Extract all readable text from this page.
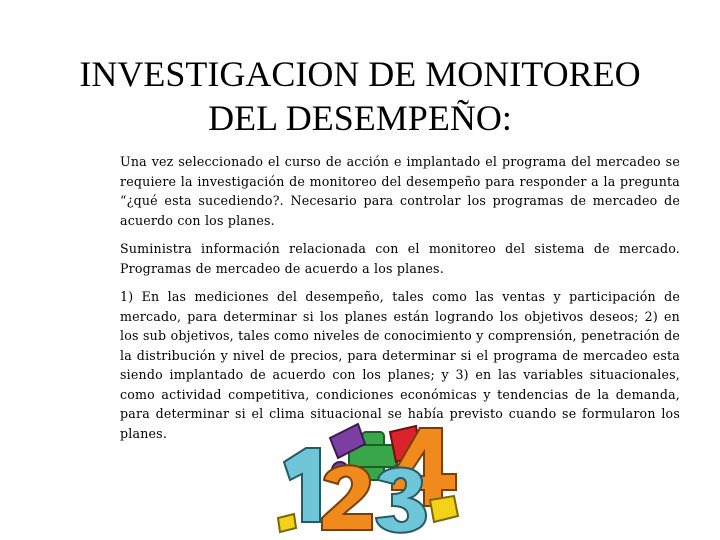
INVESTIGACION DE MONITOREO
DEL DESEMPEÑO:

Una vez seleccionado el curso de acción e implantado el programa del mercadeo se requiere la investigación de monitoreo del desempeño para responder a la pregunta “¿qué esta sucediendo?. Necesario para controlar los programas de mercadeo de acuerdo con los planes.

Suministra información relacionada con el monitoreo del sistema de mercado. Programas de mercadeo de acuerdo a los planes.

1) En las mediciones del desempeño, tales como las ventas y participación de mercado, para determinar si los planes están logrando los objetivos deseos; 2) en los sub objetivos, tales como niveles de conocimiento y comprensión, penetración de la distribución y nivel de precios, para determinar si el programa de mercadeo esta siendo implantado de acuerdo con los planes; y 3) en las variables situacionales, como actividad competitiva, condiciones económicas y tendencias de la demanda, para determinar si el clima situacional se había previsto cuando se formularon los planes.
